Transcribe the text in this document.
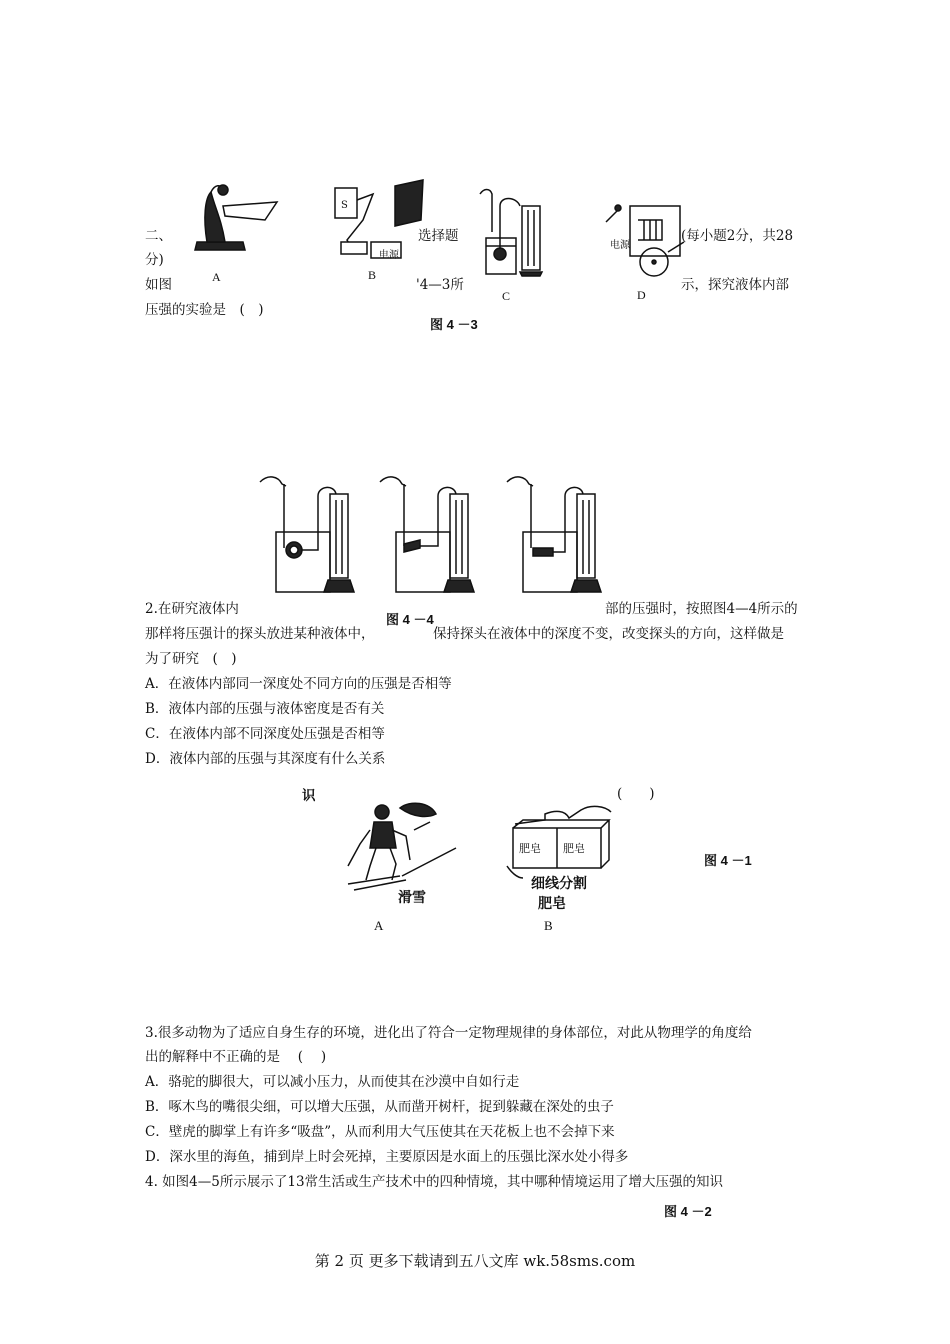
A
S
电源
B
C
电源
D
二、	选择题	(每小题2分，共28
分)
如图	'4—3所	示，探究液体内部
压强的实验是　(　)
图 4 －3
图 4 －4
2.在研究液体内	部的压强时，按照图4—4所示的
那样将压强计的探头放进某种液体中，	保持探头在液体中的深度不变，改变探头的方向，这样做是
为了研究　(　)
A．在液体内部同一深度处不同方向的压强是否相等
B．液体内部的压强与液体密度是否有关
C．在液体内部不同深度处压强是否相等
D．液体内部的压强与其深度有什么关系
识	(　　)
滑雪
A
肥皂 肥皂
细线分割
肥皂
B
图 4 －1
3.很多动物为了适应自身生存的环境，进化出了符合一定物理规律的身体部位，对此从物理学的角度给
出的解释中不正确的是　 (　 )
A．骆驼的脚很大，可以减小压力，从而使其在沙漠中自如行走
B．啄木鸟的嘴很尖细，可以增大压强，从而凿开树杆，捉到躲藏在深处的虫子
C．壁虎的脚掌上有许多“吸盘”，从而利用大气压使其在天花板上也不会掉下来
D．深水里的海鱼，捕到岸上时会死掉，主要原因是水面上的压强比深水处小得多
4. 如图4—5所示展示了13常生活或生产技术中的四种情境，其中哪种情境运用了增大压强的知识
图 4 －2
第 2 页 更多下载请到五八文库 wk.58sms.com
